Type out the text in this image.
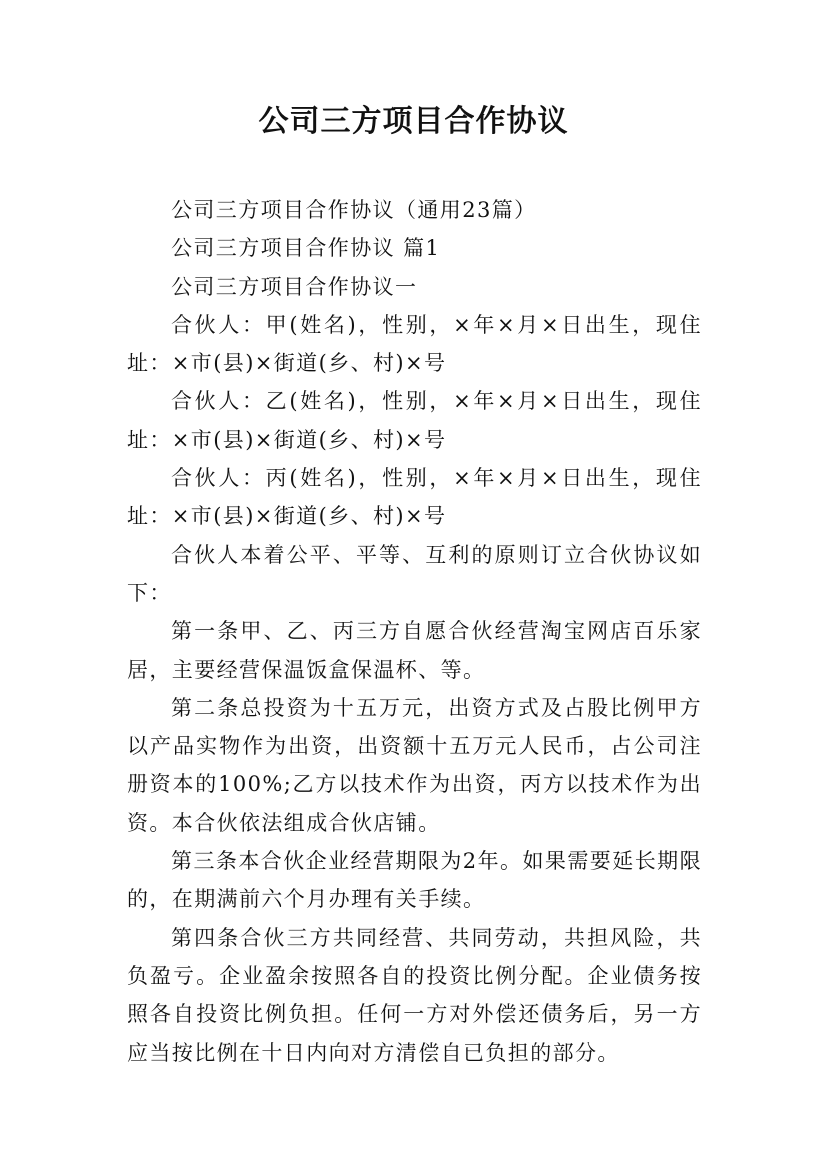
公司三方项目合作协议

公司三方项目合作协议（通用23篇）

公司三方项目合作协议 篇1

公司三方项目合作协议一

合伙人：甲(姓名)，性别，×年×月×日出生，现住址：×市(县)×街道(乡、村)×号

合伙人：乙(姓名)，性别，×年×月×日出生，现住址：×市(县)×街道(乡、村)×号

合伙人：丙(姓名)，性别，×年×月×日出生，现住址：×市(县)×街道(乡、村)×号

合伙人本着公平、平等、互利的原则订立合伙协议如下：

第一条甲、乙、丙三方自愿合伙经营淘宝网店百乐家居，主要经营保温饭盒保温杯、等。

第二条总投资为十五万元，出资方式及占股比例甲方以产品实物作为出资，出资额十五万元人民币，占公司注册资本的100%;乙方以技术作为出资，丙方以技术作为出资。本合伙依法组成合伙店铺。

第三条本合伙企业经营期限为2年。如果需要延长期限的，在期满前六个月办理有关手续。

第四条合伙三方共同经营、共同劳动，共担风险，共负盈亏。企业盈余按照各自的投资比例分配。企业债务按照各自投资比例负担。任何一方对外偿还债务后，另一方应当按比例在十日内向对方清偿自已负担的部分。
